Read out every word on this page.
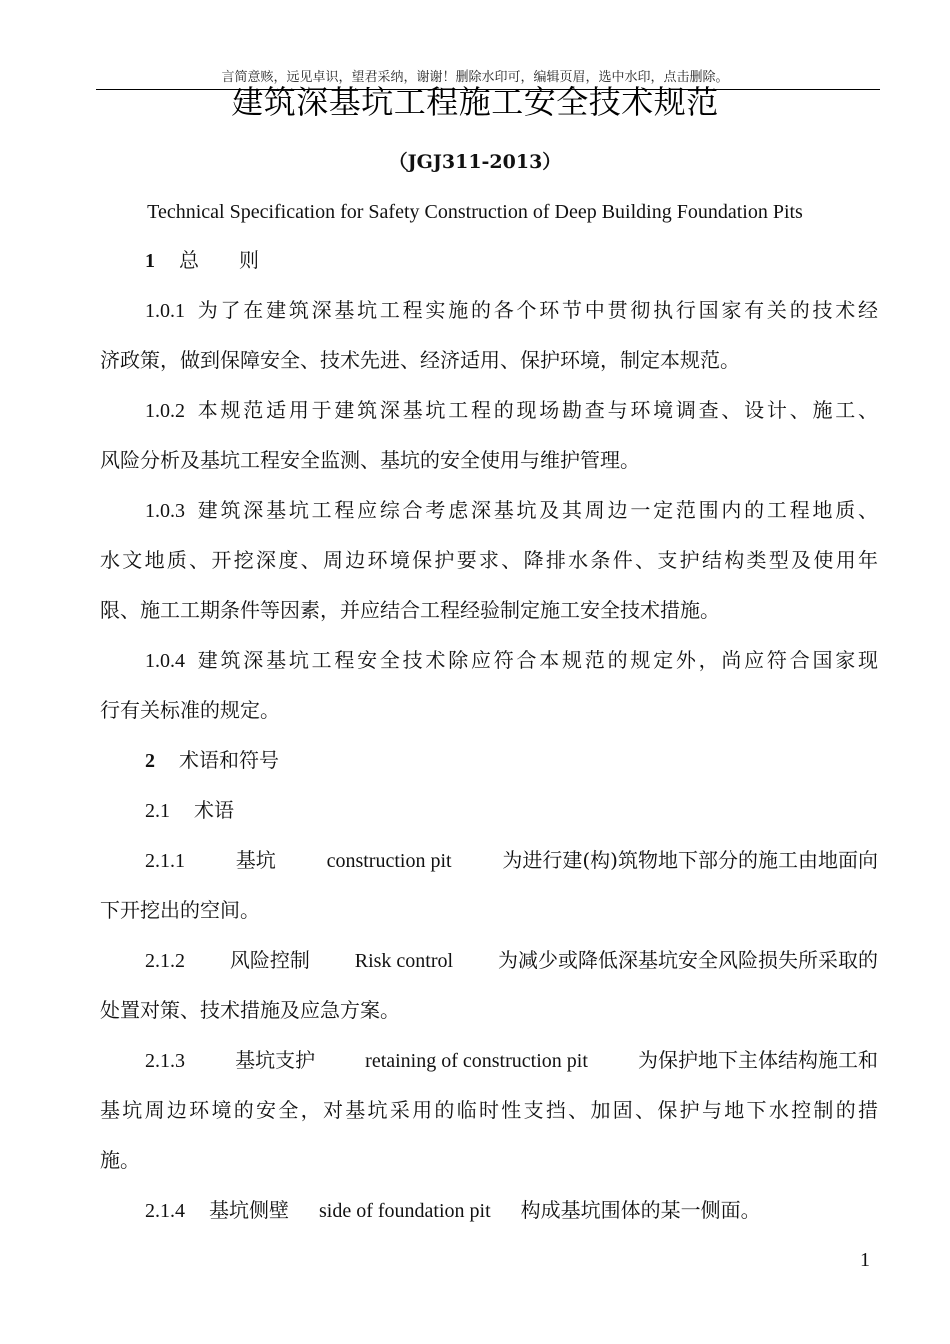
言简意赅，远见卓识，望君采纳，谢谢！删除水印可，编辑页眉，选中水印，点击删除。
建筑深基坑工程施工安全技术规范
（JGJ311-2013）
Technical Specification for Safety Construction of Deep Building Foundation Pits
1 总　　则
1.0.1 为了在建筑深基坑工程实施的各个环节中贯彻执行国家有关的技术经
济政策，做到保障安全、技术先进、经济适用、保护环境，制定本规范。
1.0.2 本规范适用于建筑深基坑工程的现场勘查与环境调查、设计、施工、
风险分析及基坑工程安全监测、基坑的安全使用与维护管理。
1.0.3 建筑深基坑工程应综合考虑深基坑及其周边一定范围内的工程地质、
水文地质、开挖深度、周边环境保护要求、降排水条件、支护结构类型及使用年
限、施工工期条件等因素，并应结合工程经验制定施工安全技术措施。
1.0.4 建筑深基坑工程安全技术除应符合本规范的规定外，尚应符合国家现
行有关标准的规定。
2 术语和符号
2.1 术语
2.1.1	基坑	construction pit	为进行建(构)筑物地下部分的施工由地面向
下开挖出的空间。
2.1.2 风险控制 Risk control 为减少或降低深基坑安全风险损失所采取的
处置对策、技术措施及应急方案。
2.1.3	基坑支护	retaining of construction pit	为保护地下主体结构施工和
基坑周边环境的安全，对基坑采用的临时性支挡、加固、保护与地下水控制的措
施。
2.1.4 基坑侧壁 side of foundation pit 构成基坑围体的某一侧面。
1
